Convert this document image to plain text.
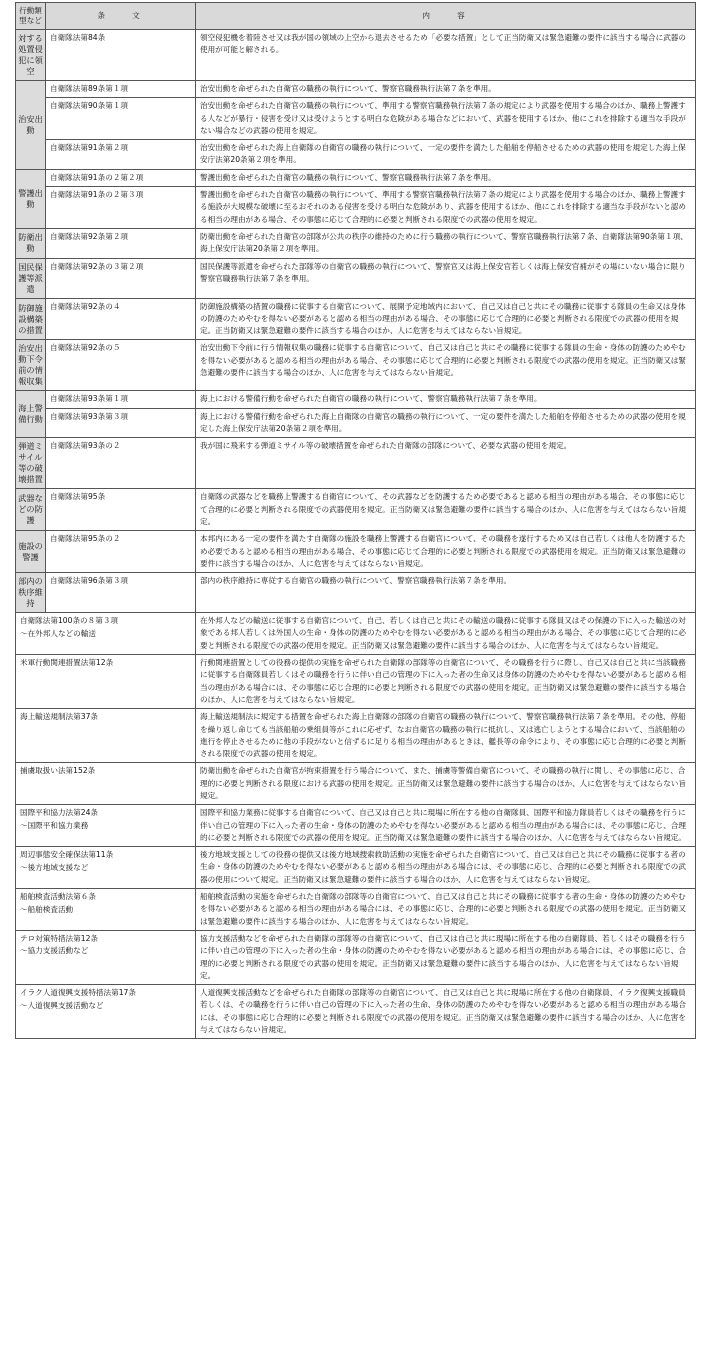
行動類型など	条　　文	内　　容
対する処置侵犯に領空	自衛隊法第84条	領空侵犯機を着陸させ又は我が国の領域の上空から退去させるため「必要な措置」として正当防衛又は緊急避難の要件に該当する場合に武器の使用が可能と解される。
治安出動	自衛隊法第89条第１項	治安出動を命ぜられた自衛官の職務の執行について、警察官職務執行法第７条を準用。
	自衛隊法第90条第１項	治安出動を命ぜられた自衛官の職務の執行について、準用する警察官職務執行法第７条の規定により武器を使用する場合のほか、職務上警護する人などが暴行・侵害を受け又は受けようとする明白な危険がある場合などにおいて、武器を使用するほか、他にこれを排除する適当な手段がない場合などの武器の使用を規定。
	自衛隊法第91条第２項	治安出動を命ぜられた海上自衛隊の自衛官の職務の執行について、一定の要件を満たした船舶を停船させるための武器の使用を規定した海上保安庁法第20条第２項を準用。
警護出動	自衛隊法第91条の２第２項	警護出動を命ぜられた自衛官の職務の執行について、警察官職務執行法第７条を準用。
	自衛隊法第91条の２第３項	警護出動を命ぜられた自衛官の職務の執行について、準用する警察官職務執行法第７条の規定により武器を使用する場合のほか、職務上警護する施設が大規模な破壊に至るおそれのある侵害を受ける明白な危険があり、武器を使用するほか、他にこれを排除する適当な手段がないと認める相当の理由がある場合、その事態に応じて合理的に必要と判断される限度での武器の使用を規定。
防衛出動	自衛隊法第92条第２項	防衛出動を命ぜられた自衛官の部隊が公共の秩序の維持のために行う職務の執行について、警察官職務執行法第７条、自衛隊法第90条第１項、海上保安庁法第20条第２項を準用。
国民保護等派遣	自衛隊法第92条の３第２項	国民保護等派遣を命ぜられた部隊等の自衛官の職務の執行について、警察官又は海上保安官若しくは海上保安官補がその場にいない場合に限り警察官職務執行法第７条を準用。
防御施設構築の措置	自衛隊法第92条の４	防御施設構築の措置の職務に従事する自衛官について、展開予定地域内において、自己又は自己と共にその職務に従事する隊員の生命又は身体の防護のためやむを得ない必要があると認める相当の理由がある場合、その事態に応じて合理的に必要と判断される限度での武器の使用を規定。正当防衛又は緊急避難の要件に該当する場合のほか、人に危害を与えてはならない旨規定。
治安出動下令前の情報収集	自衛隊法第92条の５	治安出動下令前に行う情報収集の職務に従事する自衛官について、自己又は自己と共にその職務に従事する隊員の生命・身体の防護のためやむを得ない必要があると認める相当の理由がある場合、その事態に応じて合理的に必要と判断される限度での武器の使用を規定。正当防衛又は緊急避難の要件に該当する場合のほか、人に危害を与えてはならない旨規定。
海上警備行動	自衛隊法第93条第１項	海上における警備行動を命ぜられた自衛官の職務の執行について、警察官職務執行法第７条を準用。
	自衛隊法第93条第３項	海上における警備行動を命ぜられた海上自衛隊の自衛官の職務の執行について、一定の要件を満たした船舶を停船させるための武器の使用を規定した海上保安庁法第20条第２項を準用。
弾道ミサイル等の破壊措置	自衛隊法第93条の２	我が国に飛来する弾道ミサイル等の破壊措置を命ぜられた自衛隊の部隊について、必要な武器の使用を規定。
武器などの防護	自衛隊法第95条	自衛隊の武器などを職務上警護する自衛官について、その武器などを防護するため必要であると認める相当の理由がある場合、その事態に応じて合理的に必要と判断される限度での武器使用を規定。正当防衛又は緊急避難の要件に該当する場合のほか、人に危害を与えてはならない旨規定。
施設の警護	自衛隊法第95条の２	本邦内にある一定の要件を満たす自衛隊の施設を職務上警護する自衛官について、その職務を遂行するため又は自己若しくは他人を防護するため必要であると認める相当の理由がある場合、その事態に応じて合理的に必要と判断される限度での武器使用を規定。正当防衛又は緊急避難の要件に該当する場合のほか、人に危害を与えてはならない旨規定。
部内の秩序維持	自衛隊法第96条第３項	部内の秩序維持に専従する自衛官の職務の執行について、警察官職務執行法第７条を準用。
自衛隊法第100条の８第３項
～在外邦人などの輸送		在外邦人などの輸送に従事する自衛官について、自己、若しくは自己と共にその輸送の職務に従事する隊員又はその保護の下に入った輸送の対象である邦人若しくは外国人の生命・身体の防護のためやむを得ない必要があると認める相当の理由がある場合、その事態に応じて合理的に必要と判断される限度での武器の使用を規定。正当防衛又は緊急避難の要件に該当する場合のほか、人に危害を与えてはならない旨規定。
米軍行動関連措置法第12条		行動関連措置としての役務の提供の実施を命ぜられた自衛隊の部隊等の自衛官について、その職務を行うに際し、自己又は自己と共に当該職務に従事する自衛隊員若しくはその職務を行うに伴い自己の管理の下に入った者の生命又は身体の防護のためやむを得ない必要があると認める相当の理由がある場合には、その事態に応じ合理的に必要と判断される限度での武器の使用を規定。正当防衛又は緊急避難の要件に該当する場合のほか、人に危害を与えてはならない旨規定。
海上輸送規制法第37条		海上輸送規制法に規定する措置を命ぜられた海上自衛隊の部隊の自衛官の職務の執行について、警察官職務執行法第７条を準用。その他、停船を繰り返し命じても当該船舶の乗組員等がこれに応ぜず、なお自衛官の職務の執行に抵抗し、又は逃亡しようとする場合において、当該船舶の進行を停止させるために他の手段がないと信ずるに足りる相当の理由があるときは、艦長等の命令により、その事態に応じ合理的に必要と判断される限度での武器の使用を規定。
捕虜取扱い法第152条		防衛出動を命ぜられた自衛官が拘束措置を行う場合について、また、捕虜等警備自衛官について、その職務の執行に関し、その事態に応じ、合理的に必要と判断される限度における武器の使用を規定。正当防衛又は緊急避難の要件に該当する場合のほか、人に危害を与えてはならない旨規定。
国際平和協力法第24条
～国際平和協力業務		国際平和協力業務に従事する自衛官について、自己又は自己と共に現場に所在する他の自衛隊員、国際平和協力隊員若しくはその職務を行うに伴い自己の管理の下に入った者の生命・身体の防護のためやむを得ない必要があると認める相当の理由がある場合には、その事態に応じ、合理的に必要と判断される限度での武器の使用を規定。正当防衛又は緊急避難の要件に該当する場合のほか、人に危害を与えてはならない旨規定。
周辺事態安全確保法第11条
～後方地域支援など		後方地域支援としての役務の提供又は後方地域捜索救助活動の実施を命ぜられた自衛官について、自己又は自己と共にその職務に従事する者の生命・身体の防護のためやむを得ない必要があると認める相当の理由がある場合には、その事態に応じ、合理的に必要と判断される限度での武器の使用について規定。正当防衛又は緊急避難の要件に該当する場合のほか、人に危害を与えてはならない旨規定。
船舶検査活動法第６条
～船舶検査活動		船舶検査活動の実施を命ぜられた自衛隊の部隊等の自衛官について、自己又は自己と共にその職務に従事する者の生命・身体の防護のためやむを得ない必要があると認める相当の理由がある場合には、その事態に応じ、合理的に必要と判断される限度での武器の使用を規定。正当防衛又は緊急避難の要件に該当する場合のほか、人に危害を与えてはならない旨規定。
テロ対策特措法第12条
～協力支援活動など		協力支援活動などを命ぜられた自衛隊の部隊等の自衛官について、自己又は自己と共に現場に所在する他の自衛隊員、若しくはその職務を行うに伴い自己の管理の下に入った者の生命・身体の防護のためやむを得ない必要があると認める相当の理由がある場合には、その事態に応じ、合理的に必要と判断される限度での武器の使用を規定。正当防衛又は緊急避難の要件に該当する場合のほか、人に危害を与えてはならない旨規定。
イラク人道復興支援特措法第17条
～人道復興支援活動など		人道復興支援活動などを命ぜられた自衛隊の部隊等の自衛官について、自己又は自己と共に現場に所在する他の自衛隊員、イラク復興支援職員若しくは、その職務を行うに伴い自己の管理の下に入った者の生命、身体の防護のためやむを得ない必要があると認める相当の理由がある場合には、その事態に応じ合理的に必要と判断される限度での武器の使用を規定。正当防衛又は緊急避難の要件に該当する場合のほか、人に危害を与えてはならない旨規定。
